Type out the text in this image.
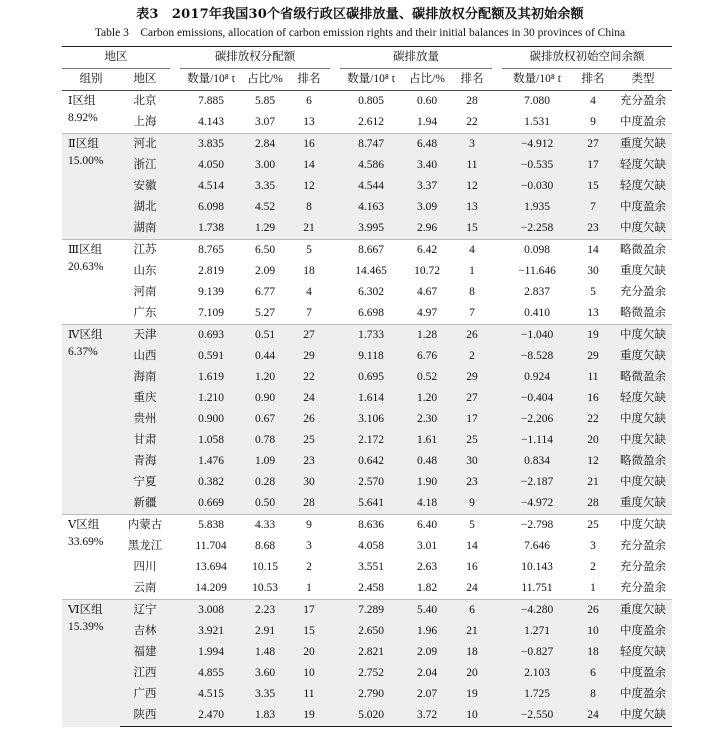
表3　2017年我国30个省级行政区碳排放量、碳排放权分配额及其初始余额
Table 3　Carbon emissions, allocation of carbon emission rights and their initial balances in 30 provinces of China
地区			碳排放权分配额				碳排放量				碳排放权初始空间余额		
组别	地区		数量/10⁸ t	占比/%	排名		数量/10⁸ t	占比/%	排名		数量/10⁸ t	排名	类型

Ⅰ区组
8.92%	北京		7.885	5.85	6		0.805	0.60	28		7.080	4	充分盈余
	上海		4.143	3.07	13		2.612	1.94	22		1.531	9	中度盈余

Ⅱ区组
15.00%	河北		3.835	2.84	16		8.747	6.48	3		−4.912	27	重度欠缺
	浙江		4.050	3.00	14		4.586	3.40	11		−0.535	17	轻度欠缺
	安徽		4.514	3.35	12		4.544	3.37	12		−0.030	15	轻度欠缺
	湖北		6.098	4.52	8		4.163	3.09	13		1.935	7	中度盈余
	湖南		1.738	1.29	21		3.995	2.96	15		−2.258	23	中度欠缺

Ⅲ区组
20.63%	江苏		8.765	6.50	5		8.667	6.42	4		0.098	14	略微盈余
	山东		2.819	2.09	18		14.465	10.72	1		−11.646	30	重度欠缺
	河南		9.139	6.77	4		6.302	4.67	8		2.837	5	充分盈余
	广东		7.109	5.27	7		6.698	4.97	7		0.410	13	略微盈余

Ⅳ区组
6.37%	天津		0.693	0.51	27		1.733	1.28	26		−1.040	19	中度欠缺
	山西		0.591	0.44	29		9.118	6.76	2		−8.528	29	重度欠缺
	海南		1.619	1.20	22		0.695	0.52	29		0.924	11	略微盈余
	重庆		1.210	0.90	24		1.614	1.20	27		−0.404	16	轻度欠缺
	贵州		0.900	0.67	26		3.106	2.30	17		−2.206	22	中度欠缺
	甘肃		1.058	0.78	25		2.172	1.61	25		−1.114	20	中度欠缺
	青海		1.476	1.09	23		0.642	0.48	30		0.834	12	略微盈余
	宁夏		0.382	0.28	30		2.570	1.90	23		−2.187	21	中度欠缺
	新疆		0.669	0.50	28		5.641	4.18	9		−4.972	28	重度欠缺

Ⅴ区组
33.69%	内蒙古		5.838	4.33	9		8.636	6.40	5		−2.798	25	中度欠缺
	黑龙江		11.704	8.68	3		4.058	3.01	14		7.646	3	充分盈余
	四川		13.694	10.15	2		3.551	2.63	16		10.143	2	充分盈余
	云南		14.209	10.53	1		2.458	1.82	24		11.751	1	充分盈余

Ⅵ区组
15.39%	辽宁		3.008	2.23	17		7.289	5.40	6		−4.280	26	重度欠缺
	吉林		3.921	2.91	15		2.650	1.96	21		1.271	10	中度盈余
	福建		1.994	1.48	20		2.821	2.09	18		−0.827	18	轻度欠缺
	江西		4.855	3.60	10		2.752	2.04	20		2.103	6	中度盈余
	广西		4.515	3.35	11		2.790	2.07	19		1.725	8	中度盈余
	陕西		2.470	1.83	19		5.020	3.72	10		−2.550	24	中度欠缺
